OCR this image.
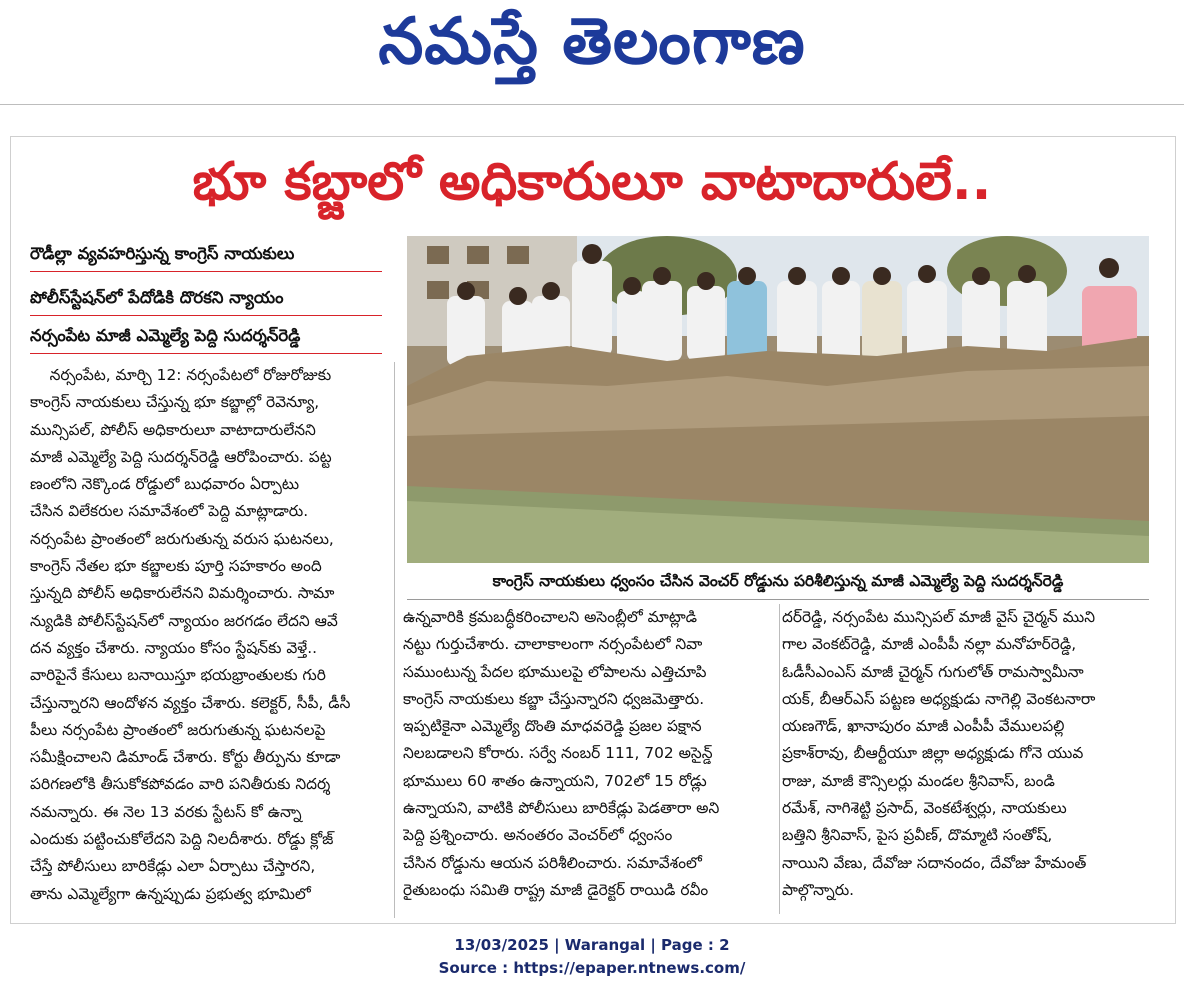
నమస్తే తెలంగాణ
భూ కబ్జాలో అధికారులూ వాటాదారులే..
రౌడీల్లా వ్యవహరిస్తున్న కాంగ్రెస్‌ నాయకులు
పోలీస్‌స్టేషన్‌లో పేదోడికి దొరకని న్యాయం
నర్సంపేట మాజీ ఎమ్మెల్యే పెద్ది సుదర్శన్‌రెడ్డి
కాంగ్రెస్‌ నాయకులు ధ్వంసం చేసిన వెంచర్‌ రోడ్డును పరిశీలిస్తున్న మాజీ ఎమ్మెల్యే పెద్ది సుదర్శన్‌రెడ్డి
నర్సంపేట, మార్చి 12: నర్సంపేటలో రోజురోజుకు
కాంగ్రెస్‌ నాయకులు చేస్తున్న భూ కబ్జాల్లో రెవెన్యూ,
మున్సిపల్‌, పోలీస్‌ అధికారులూ వాటాదారులేనని
మాజీ ఎమ్మెల్యే పెద్ది సుదర్శన్‌రెడ్డి ఆరోపించారు. పట్ట
ణంలోని నెక్కొండ రోడ్డులో బుధవారం ఏర్పాటు
చేసిన విలేకరుల సమావేశంలో పెద్ది మాట్లాడారు.
నర్సంపేట ప్రాంతంలో జరుగుతున్న వరుస ఘటనలు,
కాంగ్రెస్‌ నేతల భూ కబ్జాలకు పూర్తి సహకారం అంది
స్తున్నది పోలీస్‌ అధికారులేనని విమర్శించారు. సామా
న్యుడికి పోలీస్‌స్టేషన్‌లో న్యాయం జరగడం లేదని ఆవే
దన వ్యక్తం చేశారు. న్యాయం కోసం స్టేషన్‌కు వెళ్తే..
వారిపైనే కేసులు బనాయిస్తూ భయభ్రాంతులకు గురి
చేస్తున్నారని ఆందోళన వ్యక్తం చేశారు. కలెక్టర్‌, సీపీ, డీసీ
పీలు నర్సంపేట ప్రాంతంలో జరుగుతున్న ఘటనలపై
సమీక్షించాలని డిమాండ్‌ చేశారు. కోర్టు తీర్పును కూడా
పరిగణలోకి తీసుకోకపోవడం వారి పనితీరుకు నిదర్శ
నమన్నారు. ఈ నెల 13 వరకు స్టేటస్‌ కో ఉన్నా
ఎందుకు పట్టించుకోలేదని పెద్ది నిలదీశారు. రోడ్డు క్లోజ్‌
చేస్తే పోలీసులు బారికేడ్లు ఎలా ఏర్పాటు చేస్తారని,
తాను ఎమ్మెల్యేగా ఉన్నప్పుడు ప్రభుత్వ భూమిలో
ఉన్నవారికి క్రమబద్ధీకరించాలని అసెంబ్లీలో మాట్లాడి
నట్టు గుర్తుచేశారు. చాలాకాలంగా నర్సంపేటలో నివా
సముంటున్న పేదల భూములపై లోపాలను ఎత్తిచూపి
కాంగ్రెస్‌ నాయకులు కబ్జా చేస్తున్నారని ధ్వజమెత్తారు.
ఇప్పటికైనా ఎమ్మెల్యే దొంతి మాధవరెడ్డి ప్రజల పక్షాన
నిలబడాలని కోరారు. సర్వే నంబర్‌ 111, 702 అసైన్డ్‌
భూములు 60 శాతం ఉన్నాయని, 702లో 15 రోడ్లు
ఉన్నాయని, వాటికి పోలీసులు బారికేడ్లు పెడతారా అని
పెద్ది ప్రశ్నించారు. అనంతరం వెంచర్‌లో ధ్వంసం
చేసిన రోడ్డును ఆయన పరిశీలించారు. సమావేశంలో
రైతుబంధు సమితి రాష్ట్ర మాజీ డైరెక్టర్‌ రాయిడి రవీం
దర్‌రెడ్డి, నర్సంపేట మున్సిపల్‌ మాజీ వైస్‌ చైర్మన్‌ ముని
గాల వెంకట్‌రెడ్డి, మాజీ ఎంపీపీ నల్లా మనోహర్‌రెడ్డి,
ఓడీసీఎంఎస్‌ మాజీ చైర్మన్‌ గుగులోత్‌ రామస్వామీనా
యక్‌, బీఆర్‌ఎస్‌ పట్టణ అధ్యక్షుడు నాగెల్లి వెంకటనారా
యణగౌడ్‌, ఖానాపురం మాజీ ఎంపీపీ వేములపల్లి
ప్రకాశ్‌రావు, బీఆర్టీయూ జిల్లా అధ్యక్షుడు గోనె యువ
రాజు, మాజీ కౌన్సిలర్లు మండల శ్రీనివాస్‌, బండి
రమేశ్‌, నాగిశెట్టి ప్రసాద్‌, వెంకటేశ్వర్లు, నాయకులు
బత్తిని శ్రీనివాస్‌, పైస ప్రవీణ్‌, దొమ్మాటి సంతోష్‌,
నాయిని వేణు, దేవోజు సదానందం, దేవోజు హేమంత్‌
పాల్గొన్నారు.
13/03/2025 | Warangal | Page : 2
Source : https://epaper.ntnews.com/
